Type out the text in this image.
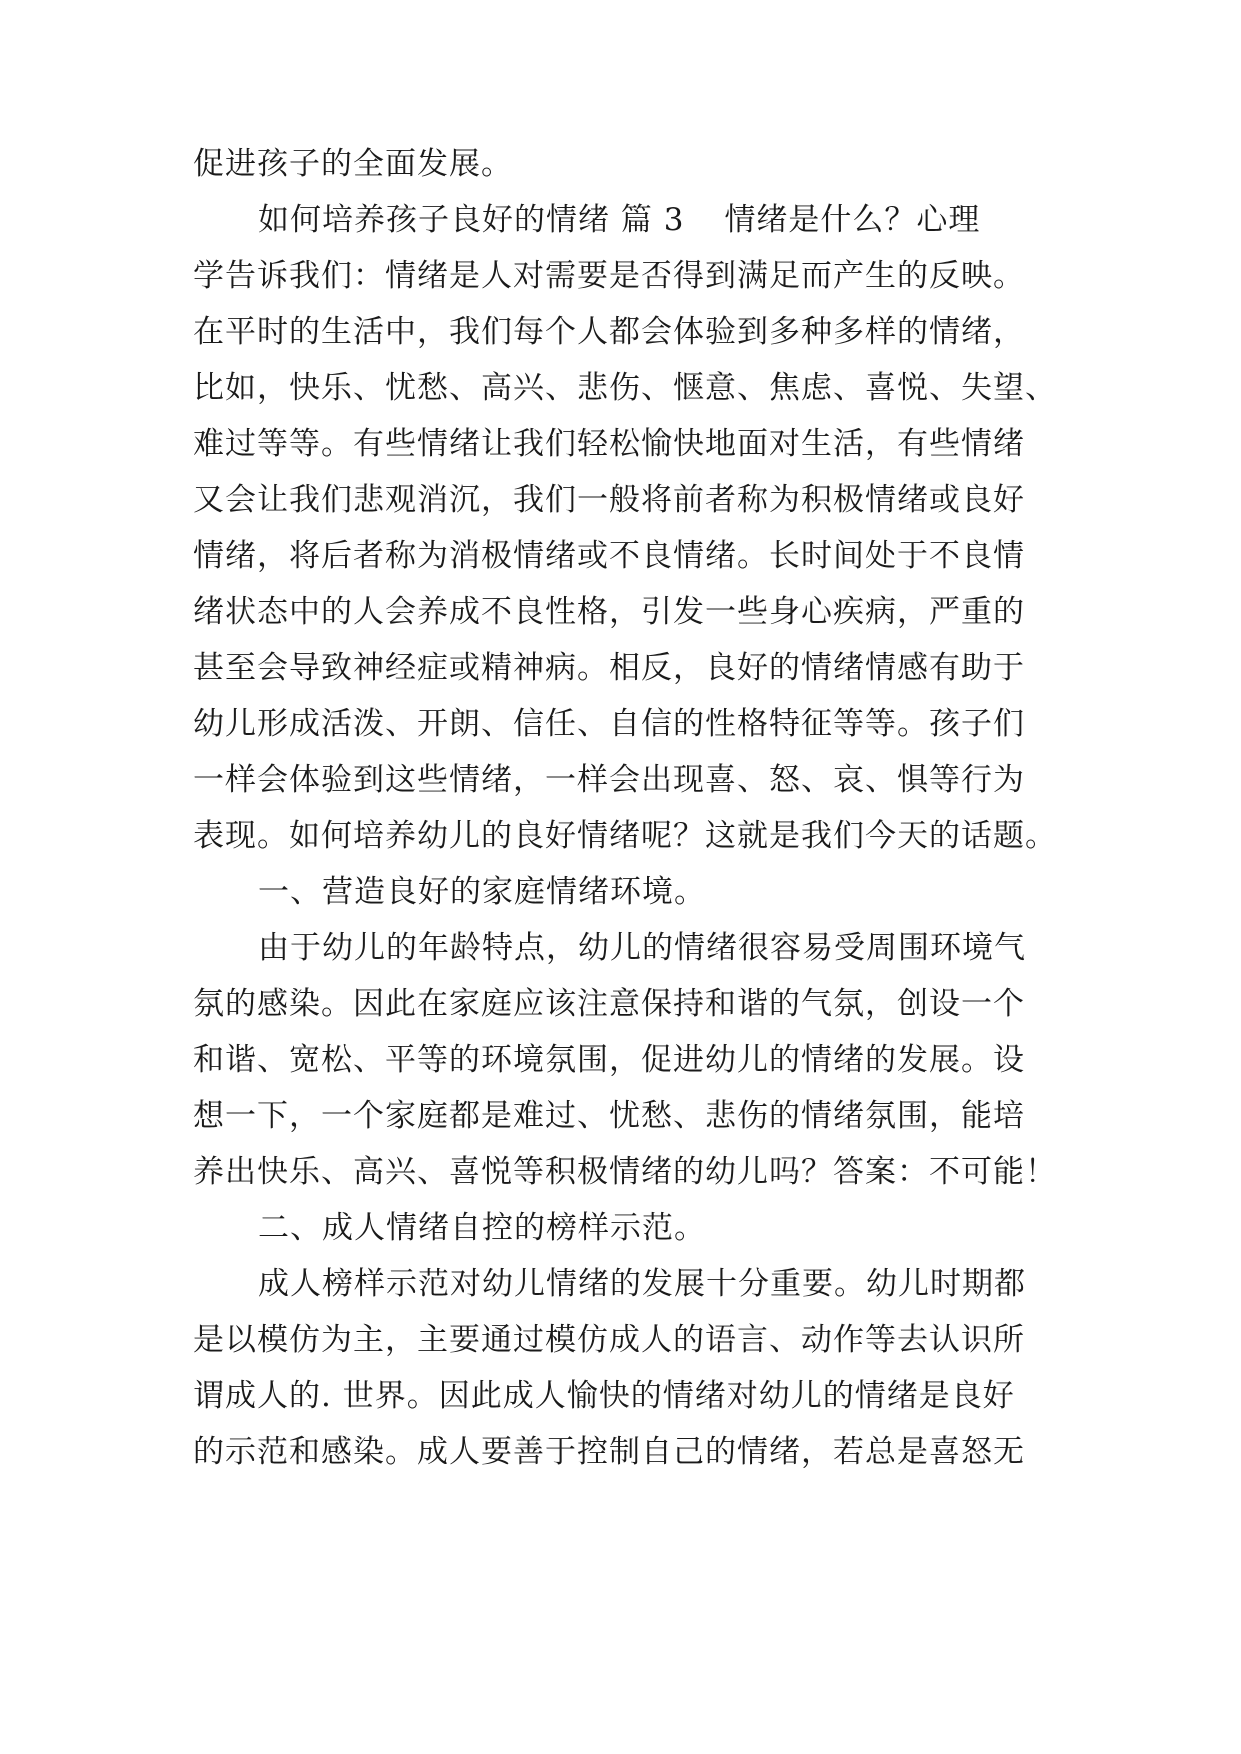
促进孩子的全面发展。
如何培养孩子良好的情绪 篇 3 情绪是什么？心理
学告诉我们：情绪是人对需要是否得到满足而产生的反映。
在平时的生活中，我们每个人都会体验到多种多样的情绪，
比如，快乐、忧愁、高兴、悲伤、惬意、焦虑、喜悦、失望、
难过等等。有些情绪让我们轻松愉快地面对生活，有些情绪
又会让我们悲观消沉，我们一般将前者称为积极情绪或良好
情绪，将后者称为消极情绪或不良情绪。长时间处于不良情
绪状态中的人会养成不良性格，引发一些身心疾病，严重的
甚至会导致神经症或精神病。相反，良好的情绪情感有助于
幼儿形成活泼、开朗、信任、自信的性格特征等等。孩子们
一样会体验到这些情绪，一样会出现喜、怒、哀、惧等行为
表现。如何培养幼儿的良好情绪呢？这就是我们今天的话题。
一、营造良好的家庭情绪环境。
由于幼儿的年龄特点，幼儿的情绪很容易受周围环境气
氛的感染。因此在家庭应该注意保持和谐的气氛，创设一个
和谐、宽松、平等的环境氛围，促进幼儿的情绪的发展。设
想一下，一个家庭都是难过、忧愁、悲伤的情绪氛围，能培
养出快乐、高兴、喜悦等积极情绪的幼儿吗？答案：不可能！
二、成人情绪自控的榜样示范。
成人榜样示范对幼儿情绪的发展十分重要。幼儿时期都
是以模仿为主，主要通过模仿成人的语言、动作等去认识所
谓成人的. 世界。因此成人愉快的情绪对幼儿的情绪是良好
的示范和感染。成人要善于控制自己的情绪，若总是喜怒无
